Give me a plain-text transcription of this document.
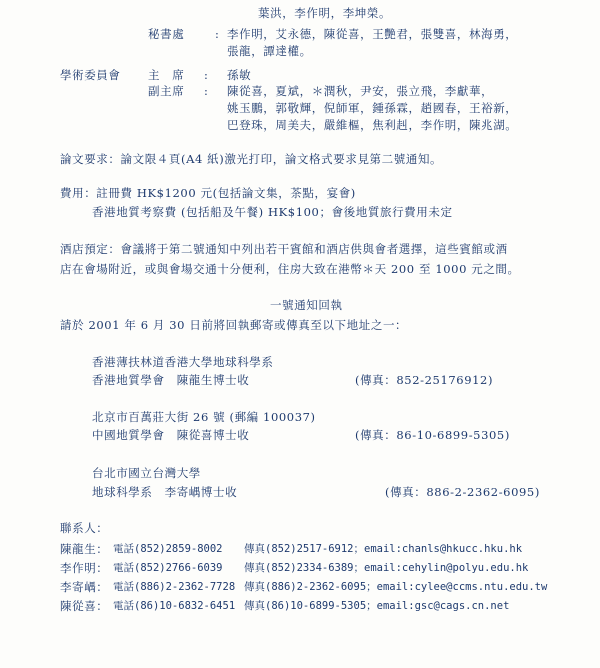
葉洪，李作明，李坤榮。
秘書處	: 李作明，艾永德，陳從喜，王艷君，張雙喜，林海勇，
張龍，譚達權。
學術委員會 主　席 : 孫敏
副主席 : 陳從喜，夏斌，＊潤秋，尹安，張立飛，李獻華，
姚玉鵬，郭敬輝，倪師軍，鍾孫霖，趙國春，王裕新，
巴登珠，周美夫，嚴維樞，焦利赳，李作明，陳兆湖。
論文要求：論文限４頁(A4 紙)激光打印，論文格式要求見第二號通知。
費用：註冊費 HK$1200 元(包括論文集，茶點，宴會)
香港地質考察費 (包括船及午餐) HK$100；會後地質旅行費用未定
酒店預定：會議將于第二號通知中列出若干賓館和酒店供與會者選擇，這些賓館或酒
店在會場附近，或與會場交通十分便利，住房大致在港幣＊天 200 至 1000 元之間。
一號通知回執
請於 2001 年 6 月 30 日前將回執郵寄或傳真至以下地址之一：
香港薄扶林道香港大學地球科學系
香港地質學會　陳龍生博士收	(傳真：852-25176912)
北京市百萬莊大街 26 號 (郵編 100037)
中國地質學會　陳從喜博士收	(傳真：86-10-6899-5305)
台北市國立台灣大學
地球科學系　李寄嵎博士收	(傳真：886-2-2362-6095)
聯系人：
陳龍生： 電話(852)2859-8002 傳真(852)2517-6912；email:chanls@hkucc.hku.hk
李作明： 電話(852)2766-6039 傳真(852)2334-6389；email:cehylin@polyu.edu.hk
李寄嵎： 電話(886)2-2362-7728 傳真(886)2-2362-6095；email:cylee@ccms.ntu.edu.tw
陳從喜： 電話(86)10-6832-6451 傳真(86)10-6899-5305；email:gsc@cags.cn.net
